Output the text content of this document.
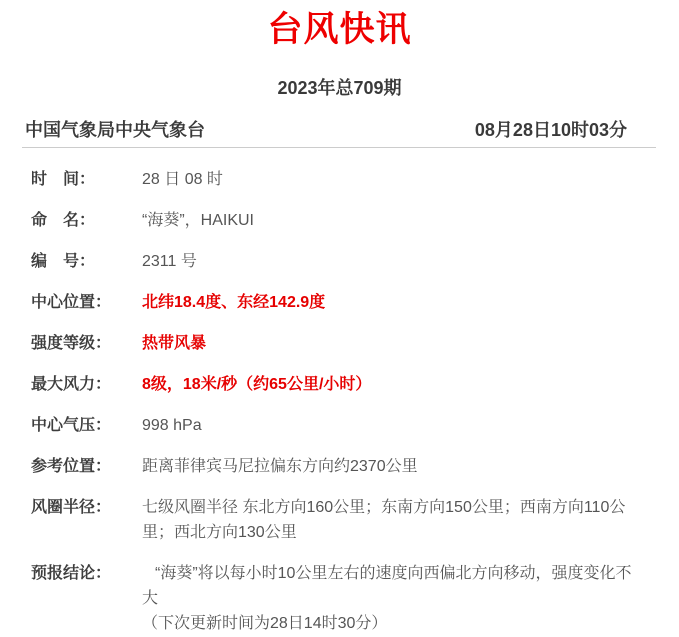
台风快讯
2023年总709期
中国气象局中央气象台	08月28日10时03分
时　间：	28 日 08 时
命　名：	“海葵”，HAIKUI
编　号：	2311 号
中心位置：	北纬18.4度、东经142.9度
强度等级：	热带风暴
最大风力：	8级，18米/秒（约65公里/小时）
中心气压：	998 hPa
参考位置：	距离菲律宾马尼拉偏东方向约2370公里
风圈半径：	七级风圈半径 东北方向160公里；东南方向150公里；西南方向110公里；西北方向130公里
预报结论：	“海葵”将以每小时10公里左右的速度向西偏北方向移动，强度变化不大

（下次更新时间为28日14时30分）
